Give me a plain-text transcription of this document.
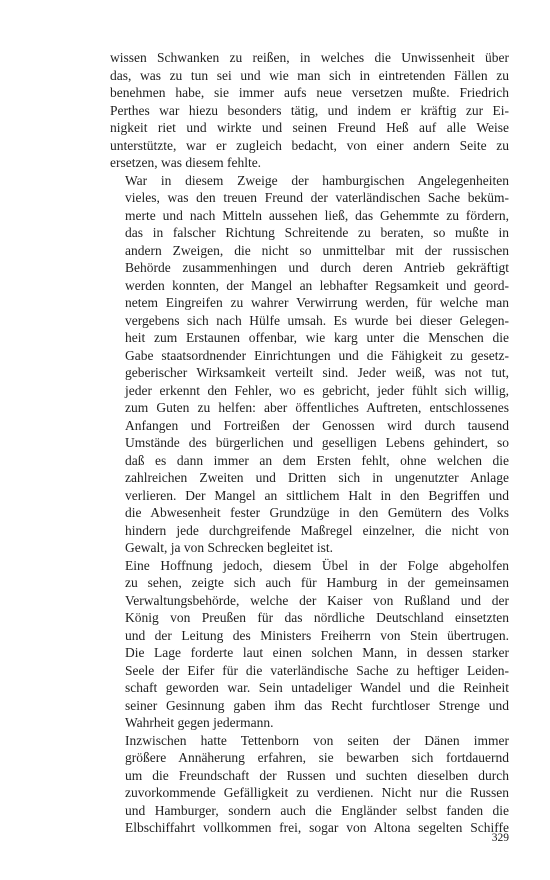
wissen Schwanken zu reißen, in welches die Unwissenheit über
das, was zu tun sei und wie man sich in eintretenden Fällen zu
benehmen habe, sie immer aufs neue versetzen mußte. Friedrich
Perthes war hiezu besonders tätig, und indem er kräftig zur Ei-
nigkeit riet und wirkte und seinen Freund Heß auf alle Weise
unterstützte, war er zugleich bedacht, von einer andern Seite zu
ersetzen, was diesem fehlte.
War in diesem Zweige der hamburgischen Angelegenheiten
vieles, was den treuen Freund der vaterländischen Sache beküm-
merte und nach Mitteln aussehen ließ, das Gehemmte zu fördern,
das in falscher Richtung Schreitende zu beraten, so mußte in
andern Zweigen, die nicht so unmittelbar mit der russischen
Behörde zusammenhingen und durch deren Antrieb gekräftigt
werden konnten, der Mangel an lebhafter Regsamkeit und geord-
netem Eingreifen zu wahrer Verwirrung werden, für welche man
vergebens sich nach Hülfe umsah. Es wurde bei dieser Gelegen-
heit zum Erstaunen offenbar, wie karg unter die Menschen die
Gabe staatsordnender Einrichtungen und die Fähigkeit zu gesetz-
geberischer Wirksamkeit verteilt sind. Jeder weiß, was not tut,
jeder erkennt den Fehler, wo es gebricht, jeder fühlt sich willig,
zum Guten zu helfen: aber öffentliches Auftreten, entschlossenes
Anfangen und Fortreißen der Genossen wird durch tausend
Umstände des bürgerlichen und geselligen Lebens gehindert, so
daß es dann immer an dem Ersten fehlt, ohne welchen die
zahlreichen Zweiten und Dritten sich in ungenutzter Anlage
verlieren. Der Mangel an sittlichem Halt in den Begriffen und
die Abwesenheit fester Grundzüge in den Gemütern des Volks
hindern jede durchgreifende Maßregel einzelner, die nicht von
Gewalt, ja von Schrecken begleitet ist.
Eine Hoffnung jedoch, diesem Übel in der Folge abgeholfen
zu sehen, zeigte sich auch für Hamburg in der gemeinsamen
Verwaltungsbehörde, welche der Kaiser von Rußland und der
König von Preußen für das nördliche Deutschland einsetzten
und der Leitung des Ministers Freiherrn von Stein übertrugen.
Die Lage forderte laut einen solchen Mann, in dessen starker
Seele der Eifer für die vaterländische Sache zu heftiger Leiden-
schaft geworden war. Sein untadeliger Wandel und die Reinheit
seiner Gesinnung gaben ihm das Recht furchtloser Strenge und
Wahrheit gegen jedermann.
Inzwischen hatte Tettenborn von seiten der Dänen immer
größere Annäherung erfahren, sie bewarben sich fortdauernd
um die Freundschaft der Russen und suchten dieselben durch
zuvorkommende Gefälligkeit zu verdienen. Nicht nur die Russen
und Hamburger, sondern auch die Engländer selbst fanden die
Elbschiffahrt vollkommen frei, sogar von Altona segelten Schiffe
329
